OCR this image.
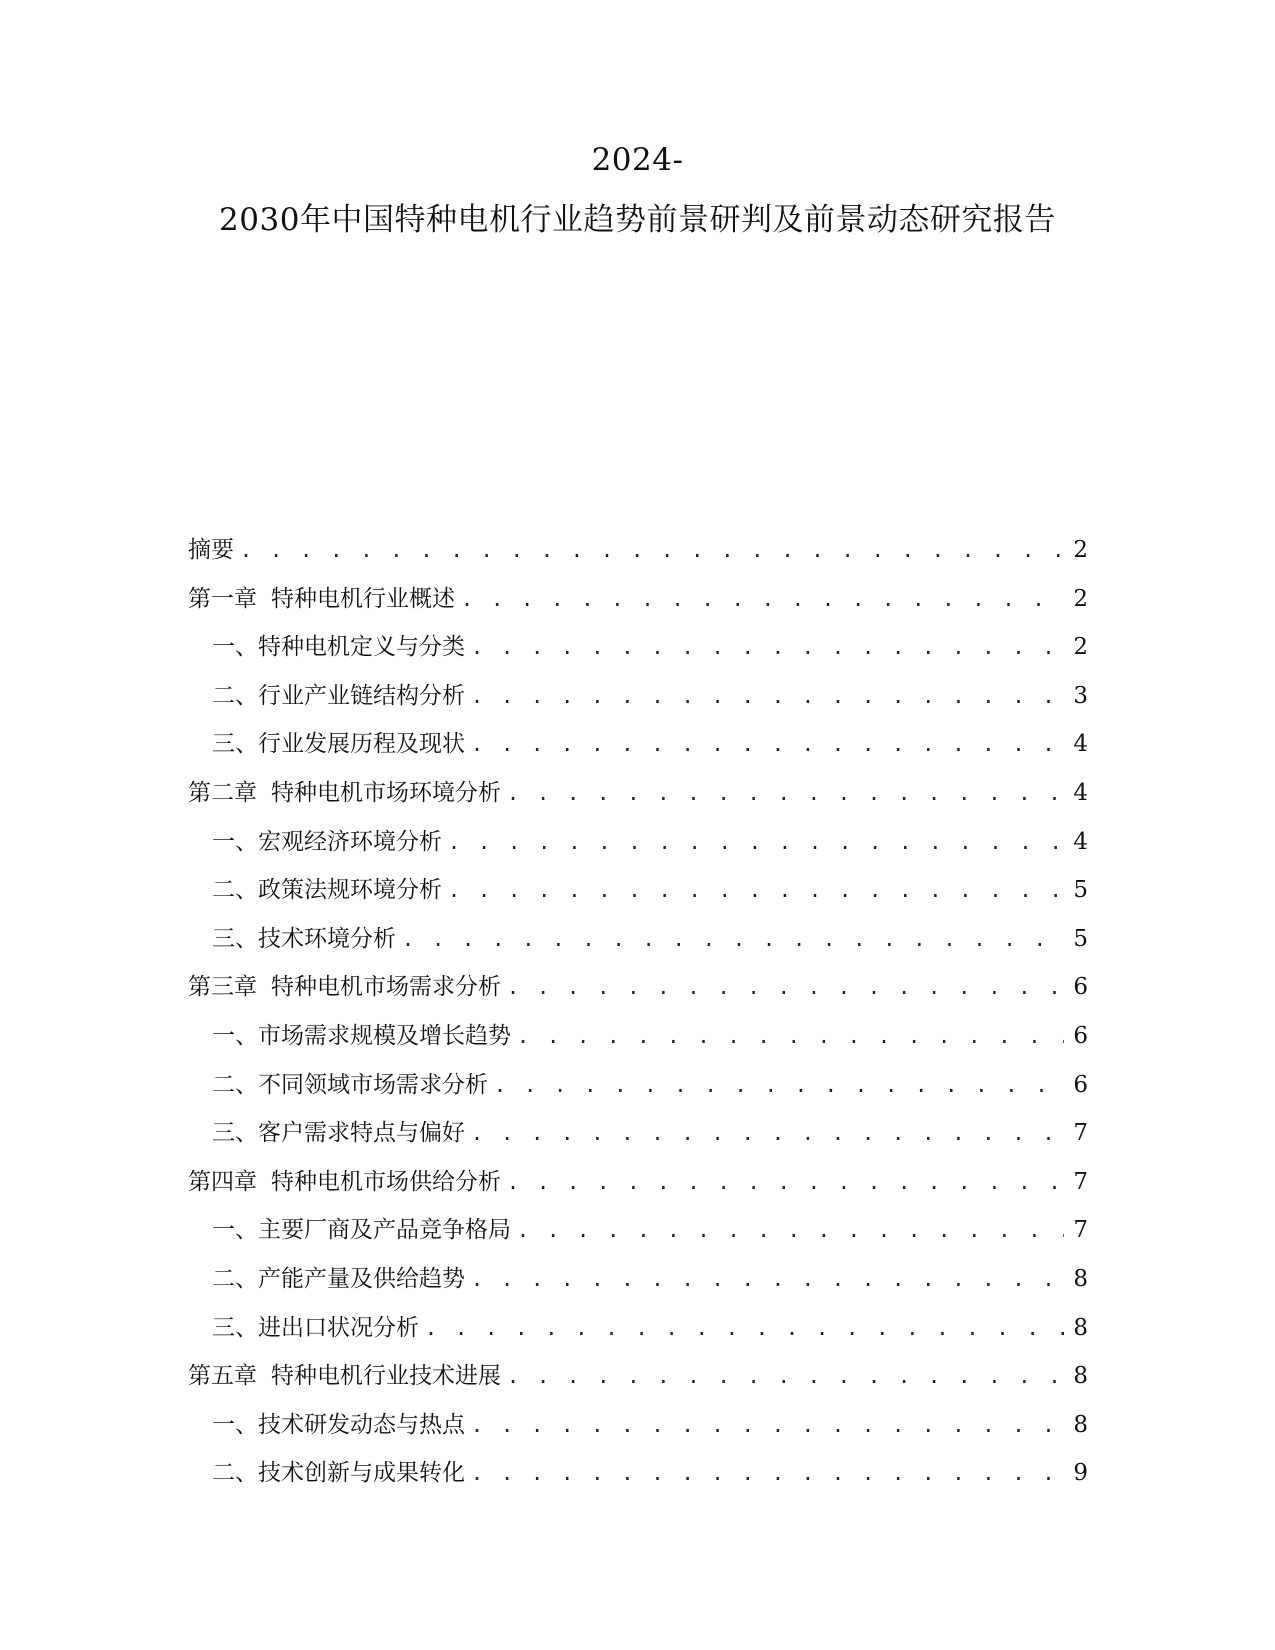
2024-
2030年中国特种电机行业趋势前景研判及前景动态研究报告
摘要 . . .	2
第一章 特种电机行业概述 . . .	2
一、 特种电机定义与分类 . . .	2
二、 行业产业链结构分析 . . .	3
三、 行业发展历程及现状 . . .	4
第二章 特种电机市场环境分析 . . .	4
一、 宏观经济环境分析 . . .	4
二、 政策法规环境分析 . . .	5
三、 技术环境分析 . . .	5
第三章 特种电机市场需求分析 . . .	6
一、 市场需求规模及增长趋势 . . .	6
二、 不同领域市场需求分析 . . .	6
三、 客户需求特点与偏好 . . .	7
第四章 特种电机市场供给分析 . . .	7
一、 主要厂商及产品竞争格局 . . .	7
二、 产能产量及供给趋势 . . .	8
三、 进出口状况分析 . . .	8
第五章 特种电机行业技术进展 . . .	8
一、 技术研发动态与热点 . . .	8
二、 技术创新与成果转化 . . .	9
